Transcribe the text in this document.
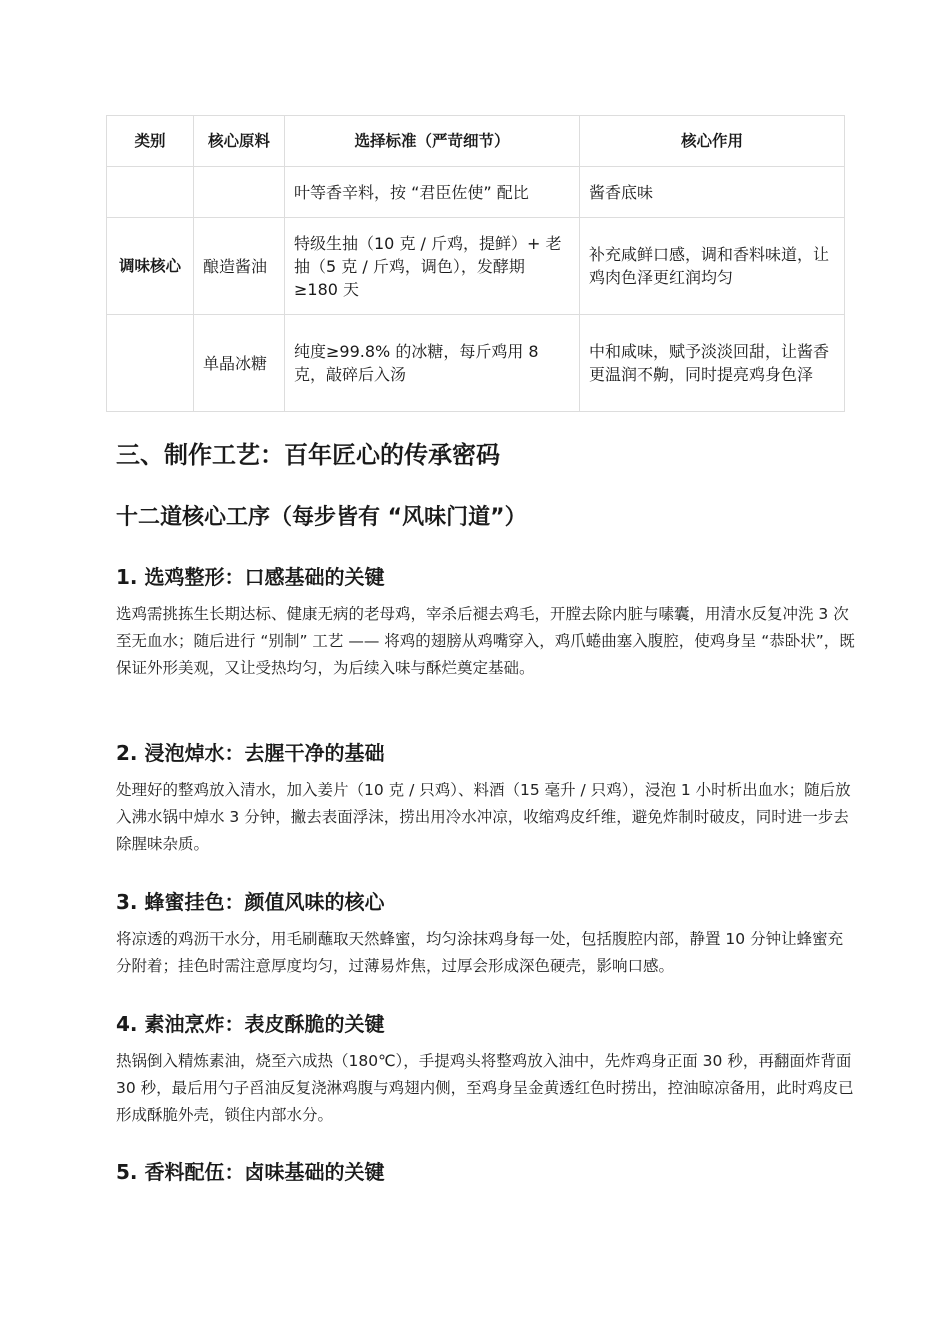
类别	核心原料	选择标准（严苛细节）	核心作用
		叶等香辛料，按 “君臣佐使” 配比	酱香底味
调味核心	酿造酱油	特级生抽（10 克 / 斤鸡，提鲜）+ 老抽（5 克 / 斤鸡，调色），发酵期 ≥180 天	补充咸鲜口感，调和香料味道，让鸡肉色泽更红润均匀
	单晶冰糖	纯度≥99.8% 的冰糖，每斤鸡用 8 克，敲碎后入汤	中和咸味，赋予淡淡回甜，让酱香更温润不齁，同时提亮鸡身色泽
三、制作工艺：百年匠心的传承密码
十二道核心工序（每步皆有 “风味门道”）
1. 选鸡整形：口感基础的关键

选鸡需挑拣生长期达标、健康无病的老母鸡，宰杀后褪去鸡毛，开膛去除内脏与嗉囊，用清水反复冲洗 3 次至无血水；随后进行 “别制” 工艺 —— 将鸡的翅膀从鸡嘴穿入，鸡爪蜷曲塞入腹腔，使鸡身呈 “恭卧状”，既保证外形美观，又让受热均匀，为后续入味与酥烂奠定基础。

2. 浸泡焯水：去腥干净的基础

处理好的整鸡放入清水，加入姜片（10 克 / 只鸡）、料酒（15 毫升 / 只鸡），浸泡 1 小时析出血水；随后放入沸水锅中焯水 3 分钟，撇去表面浮沫，捞出用冷水冲凉，收缩鸡皮纤维，避免炸制时破皮，同时进一步去除腥味杂质。

3. 蜂蜜挂色：颜值风味的核心

将凉透的鸡沥干水分，用毛刷蘸取天然蜂蜜，均匀涂抹鸡身每一处，包括腹腔内部，静置 10 分钟让蜂蜜充分附着；挂色时需注意厚度均匀，过薄易炸焦，过厚会形成深色硬壳，影响口感。

4. 素油烹炸：表皮酥脆的关键

热锅倒入精炼素油，烧至六成热（180℃），手提鸡头将整鸡放入油中，先炸鸡身正面 30 秒，再翻面炸背面 30 秒，最后用勺子舀油反复浇淋鸡腹与鸡翅内侧，至鸡身呈金黄透红色时捞出，控油晾凉备用，此时鸡皮已形成酥脆外壳，锁住内部水分。

5. 香料配伍：卤味基础的关键
